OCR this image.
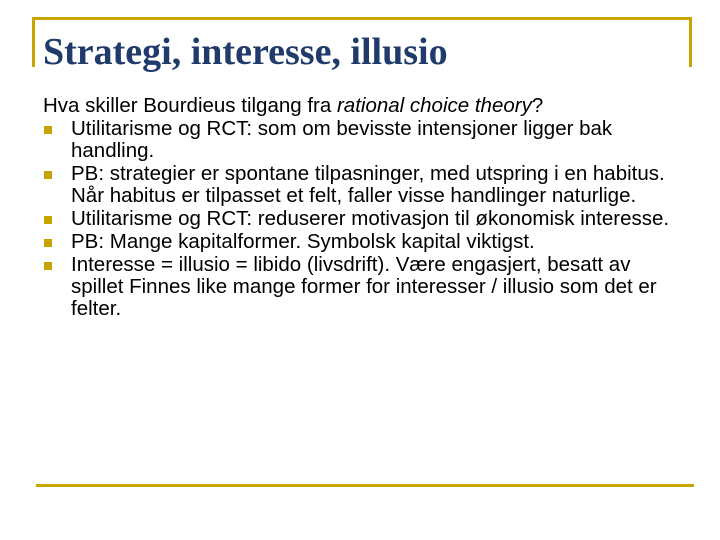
Strategi, interesse, illusio

Hva skiller Bourdieus tilgang fra rational choice theory?

Utilitarisme og RCT: som om bevisste intensjoner ligger bak handling.
PB: strategier er spontane tilpasninger, med utspring i en habitus. Når habitus er tilpasset et felt, faller visse handlinger naturlige.
Utilitarisme og RCT: reduserer motivasjon til økonomisk interesse.
PB: Mange kapitalformer. Symbolsk kapital viktigst.
Interesse = illusio = libido (livsdrift). Være engasjert, besatt av spillet Finnes like mange former for interesser / illusio som det er felter.
